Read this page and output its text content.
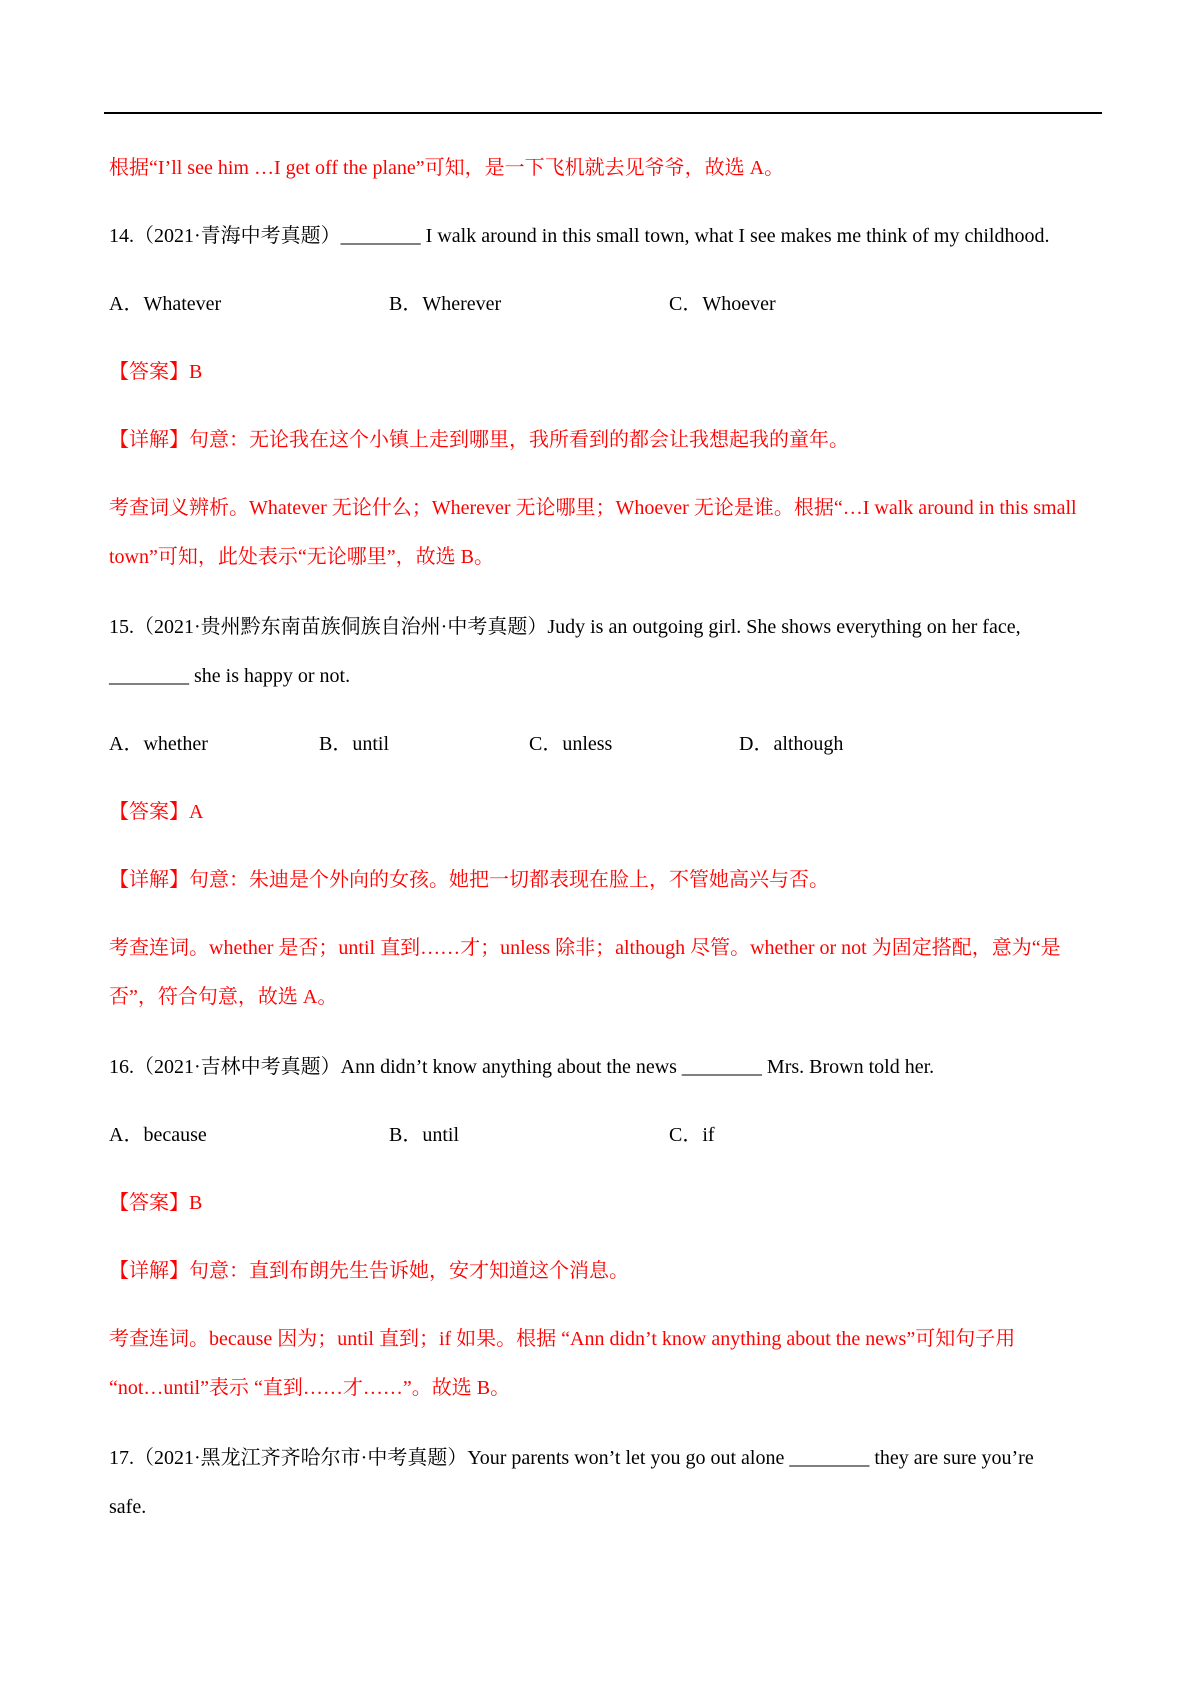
根据“I’ll see him …I get off the plane”可知，是一下飞机就去见爷爷，故选 A。
14.（2021·青海中考真题）________ I walk around in this small town, what I see makes me think of my childhood.
A．Whatever	B．Wherever	C．Whoever
【答案】B
【详解】句意：无论我在这个小镇上走到哪里，我所看到的都会让我想起我的童年。
考查词义辨析。Whatever 无论什么；Wherever 无论哪里；Whoever 无论是谁。根据“…I walk around in this small
town”可知，此处表示“无论哪里”，故选 B。
15.（2021·贵州黔东南苗族侗族自治州·中考真题）Judy is an outgoing girl. She shows everything on her face,
________ she is happy or not.
A．whether	B．until	C．unless	D．although
【答案】A
【详解】句意：朱迪是个外向的女孩。她把一切都表现在脸上，不管她高兴与否。
考查连词。whether 是否；until 直到……才；unless 除非；although 尽管。whether or not 为固定搭配，意为“是
否”，符合句意，故选 A。
16.（2021·吉林中考真题）Ann didn’t know anything about the news ________ Mrs. Brown told her.
A．because	B．until	C．if
【答案】B
【详解】句意：直到布朗先生告诉她，安才知道这个消息。
考查连词。because 因为；until 直到；if 如果。根据 “Ann didn’t know anything about the news”可知句子用
“not…until”表示 “直到……才……”。故选 B。
17.（2021·黑龙江齐齐哈尔市·中考真题）Your parents won’t let you go out alone ________ they are sure you’re
safe.
